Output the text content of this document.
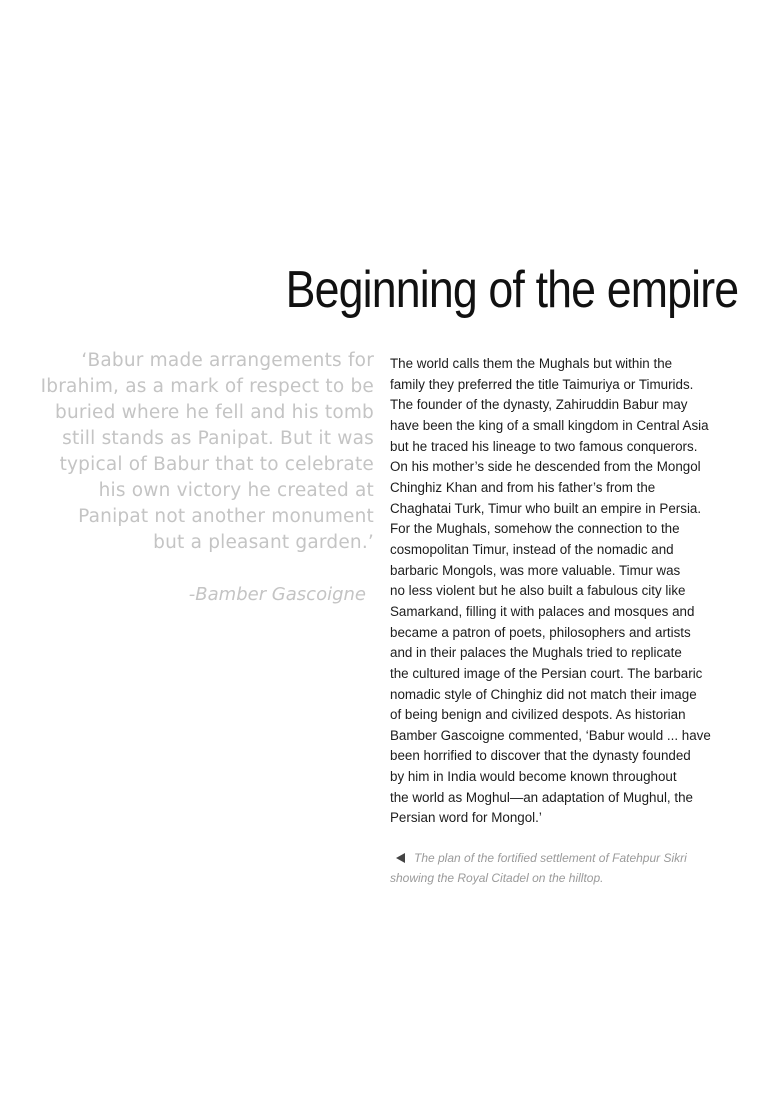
Beginning of the empire
‘Babur made arrangements for
Ibrahim, as a mark of respect to be
buried where he fell and his tomb
still stands as Panipat. But it was
typical of Babur that to celebrate
his own victory he created at
Panipat not another monument
but a pleasant garden.’
-Bamber Gascoigne
The world calls them the Mughals but within the
family they preferred the title Taimuriya or Timurids.
The founder of the dynasty, Zahiruddin Babur may
have been the king of a small kingdom in Central Asia
but he traced his lineage to two famous conquerors.
On his mother’s side he descended from the Mongol
Chinghiz Khan and from his father’s from the
Chaghatai Turk, Timur who built an empire in Persia.
For the Mughals, somehow the connection to the
cosmopolitan Timur, instead of the nomadic and
barbaric Mongols, was more valuable. Timur was
no less violent but he also built a fabulous city like
Samarkand, filling it with palaces and mosques and
became a patron of poets, philosophers and artists
and in their palaces the Mughals tried to replicate
the cultured image of the Persian court. The barbaric
nomadic style of Chinghiz did not match their image
of being benign and civilized despots. As historian
Bamber Gascoigne commented, ‘Babur would ... have
been horrified to discover that the dynasty founded
by him in India would become known throughout
the world as Moghul—an adaptation of Mughul, the
Persian word for Mongol.’
The plan of the fortified settlement of Fatehpur Sikri
showing the Royal Citadel on the hilltop.
